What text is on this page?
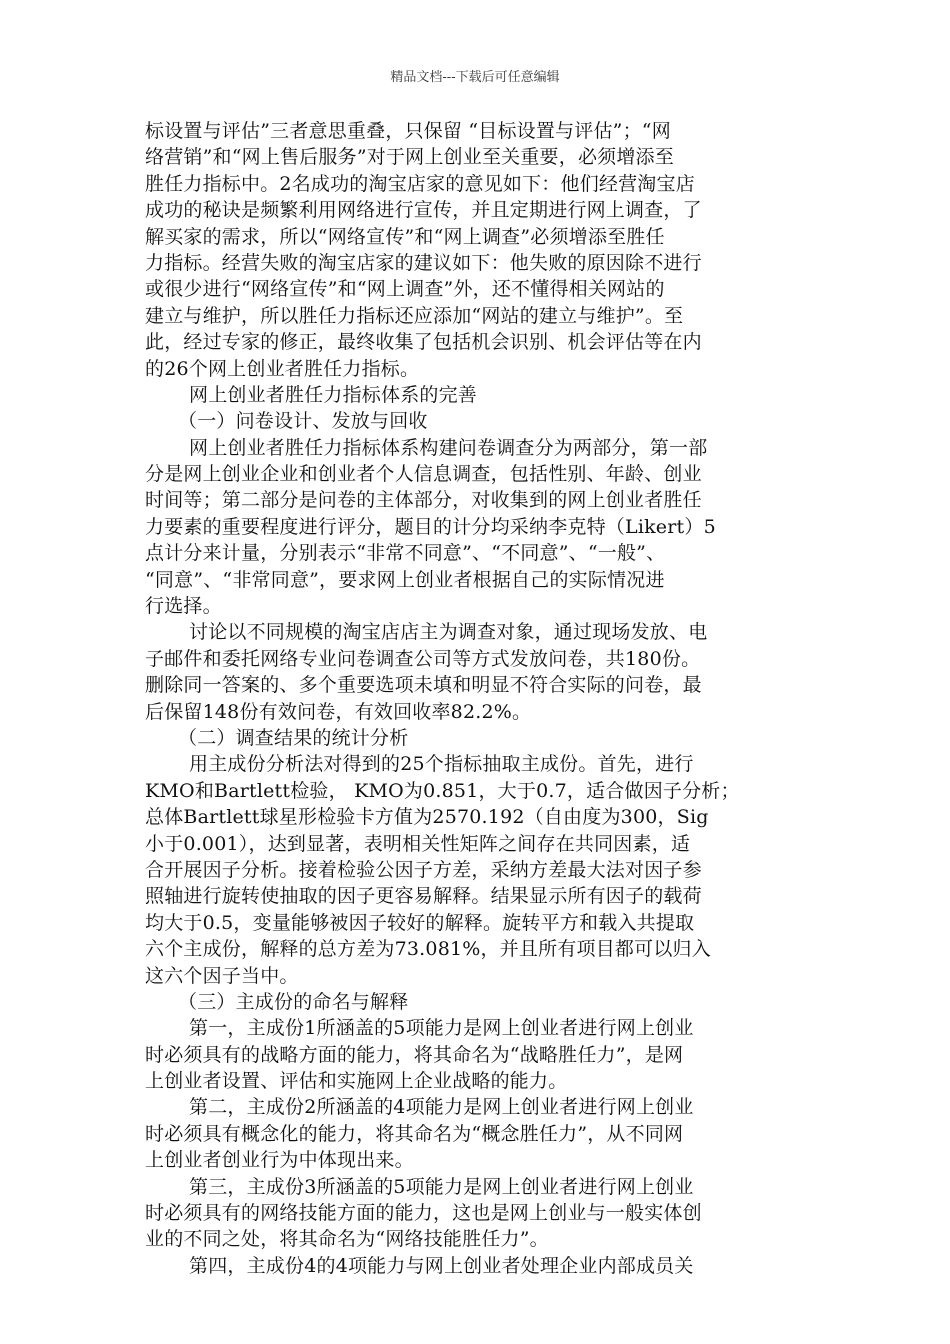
精品文档---下载后可任意编辑
标设置与评估”三者意思重叠，只保留 “目标设置与评估”；“网
络营销”和“网上售后服务”对于网上创业至关重要，必须增添至
胜任力指标中。2名成功的淘宝店家的意见如下：他们经营淘宝店
成功的秘诀是频繁利用网络进行宣传，并且定期进行网上调查，了
解买家的需求，所以“网络宣传”和“网上调查”必须增添至胜任
力指标。经营失败的淘宝店家的建议如下：他失败的原因除不进行
或很少进行“网络宣传”和“网上调查”外，还不懂得相关网站的
建立与维护，所以胜任力指标还应添加“网站的建立与维护”。至
此，经过专家的修正，最终收集了包括机会识别、机会评估等在内
的26个网上创业者胜任力指标。
网上创业者胜任力指标体系的完善
（一）问卷设计、发放与回收
网上创业者胜任力指标体系构建问卷调查分为两部分，第一部
分是网上创业企业和创业者个人信息调查，包括性别、年龄、创业
时间等；第二部分是问卷的主体部分，对收集到的网上创业者胜任
力要素的重要程度进行评分，题目的计分均采纳李克特（Likert）5
点计分来计量，分别表示“非常不同意”、“不同意”、“一般”、
“同意”、“非常同意”，要求网上创业者根据自己的实际情况进
行选择。
讨论以不同规模的淘宝店店主为调查对象，通过现场发放、电
子邮件和委托网络专业问卷调查公司等方式发放问卷，共180份。
删除同一答案的、多个重要选项未填和明显不符合实际的问卷，最
后保留148份有效问卷，有效回收率82.2%。
（二）调查结果的统计分析
用主成份分析法对得到的25个指标抽取主成份。首先，进行
KMO和Bartlett检验， KMO为0.851，大于0.7，适合做因子分析；
总体Bartlett球星形检验卡方值为2570.192（自由度为300，Sig
小于0.001），达到显著，表明相关性矩阵之间存在共同因素，适
合开展因子分析。接着检验公因子方差，采纳方差最大法对因子参
照轴进行旋转使抽取的因子更容易解释。结果显示所有因子的载荷
均大于0.5，变量能够被因子较好的解释。旋转平方和载入共提取
六个主成份，解释的总方差为73.081%，并且所有项目都可以归入
这六个因子当中。
（三）主成份的命名与解释
第一，主成份1所涵盖的5项能力是网上创业者进行网上创业
时必须具有的战略方面的能力，将其命名为“战略胜任力”，是网
上创业者设置、评估和实施网上企业战略的能力。
第二，主成份2所涵盖的4项能力是网上创业者进行网上创业
时必须具有概念化的能力，将其命名为“概念胜任力”，从不同网
上创业者创业行为中体现出来。
第三，主成份3所涵盖的5项能力是网上创业者进行网上创业
时必须具有的网络技能方面的能力，这也是网上创业与一般实体创
业的不同之处，将其命名为“网络技能胜任力”。
第四，主成份4的4项能力与网上创业者处理企业内部成员关
